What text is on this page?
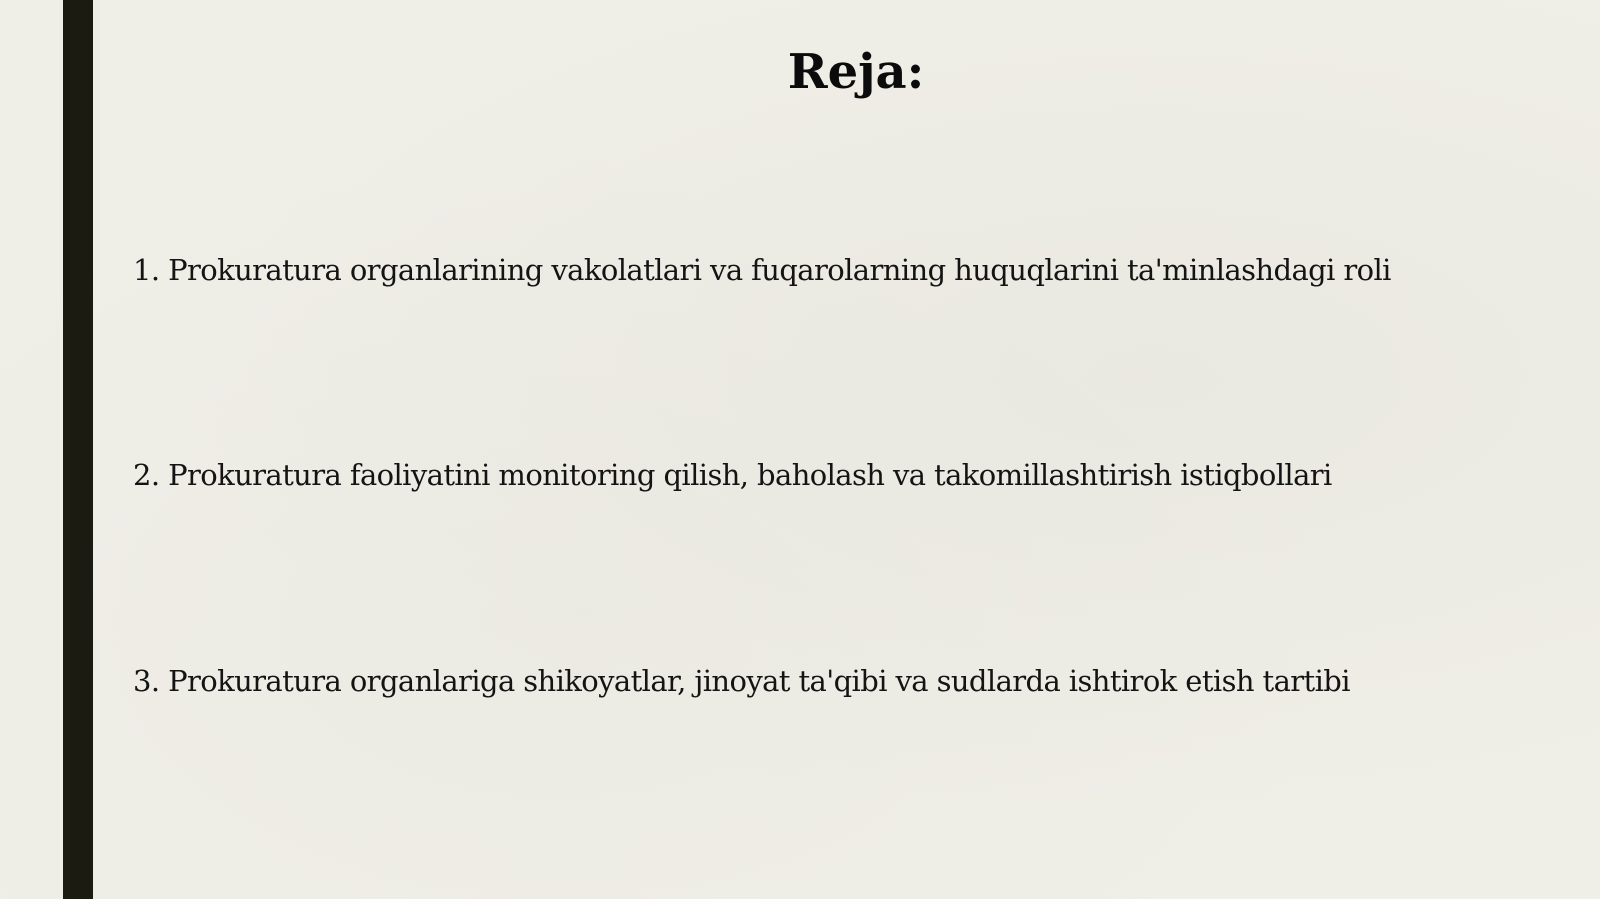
Reja:
1. Prokuratura organlarining vakolatlari va fuqarolarning huquqlarini ta'minlashdagi roli
2. Prokuratura faoliyatini monitoring qilish, baholash va takomillashtirish istiqbollari
3. Prokuratura organlariga shikoyatlar, jinoyat ta'qibi va sudlarda ishtirok etish tartibi
